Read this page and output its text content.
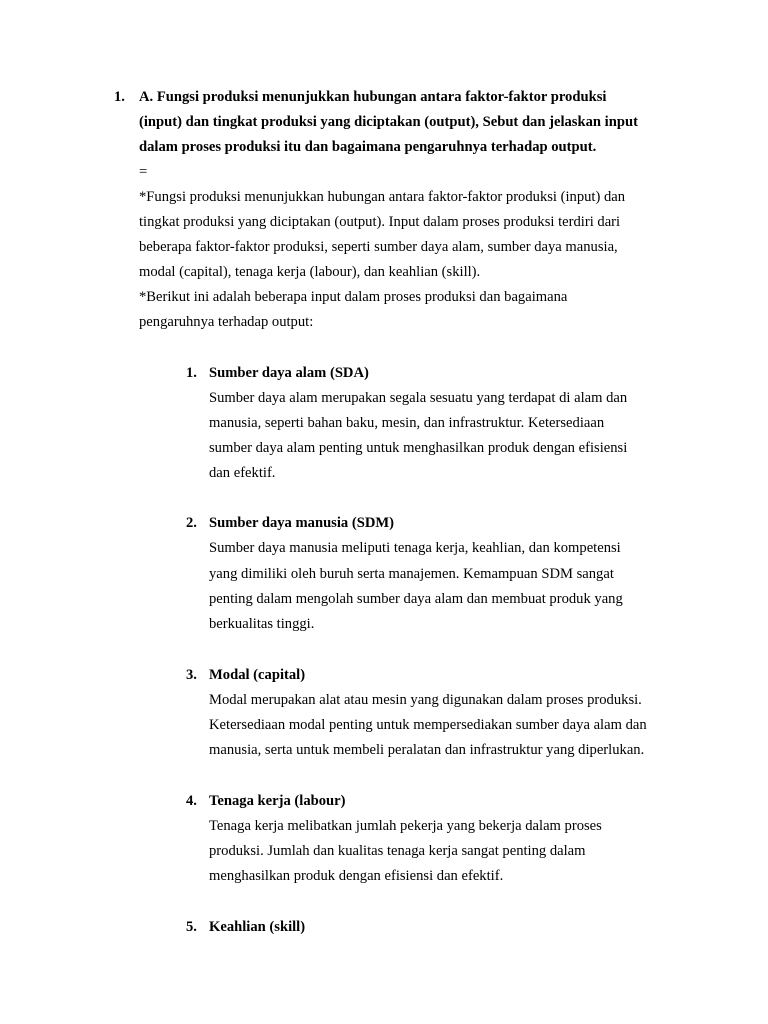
1. A. Fungsi produksi menunjukkan hubungan antara faktor-faktor produksi
(input) dan tingkat produksi yang diciptakan (output), Sebut dan jelaskan input
dalam proses produksi itu dan bagaimana pengaruhnya terhadap output.
=
*Fungsi produksi menunjukkan hubungan antara faktor-faktor produksi (input) dan
tingkat produksi yang diciptakan (output). Input dalam proses produksi terdiri dari
beberapa faktor-faktor produksi, seperti sumber daya alam, sumber daya manusia,
modal (capital), tenaga kerja (labour), dan keahlian (skill).
*Berikut ini adalah beberapa input dalam proses produksi dan bagaimana
pengaruhnya terhadap output:
1. Sumber daya alam (SDA)
Sumber daya alam merupakan segala sesuatu yang terdapat di alam dan
manusia, seperti bahan baku, mesin, dan infrastruktur. Ketersediaan
sumber daya alam penting untuk menghasilkan produk dengan efisiensi
dan efektif.
2. Sumber daya manusia (SDM)
Sumber daya manusia meliputi tenaga kerja, keahlian, dan kompetensi
yang dimiliki oleh buruh serta manajemen. Kemampuan SDM sangat
penting dalam mengolah sumber daya alam dan membuat produk yang
berkualitas tinggi.
3. Modal (capital)
Modal merupakan alat atau mesin yang digunakan dalam proses produksi.
Ketersediaan modal penting untuk mempersediakan sumber daya alam dan
manusia, serta untuk membeli peralatan dan infrastruktur yang diperlukan.
4. Tenaga kerja (labour)
Tenaga kerja melibatkan jumlah pekerja yang bekerja dalam proses
produksi. Jumlah dan kualitas tenaga kerja sangat penting dalam
menghasilkan produk dengan efisiensi dan efektif.
5. Keahlian (skill)
